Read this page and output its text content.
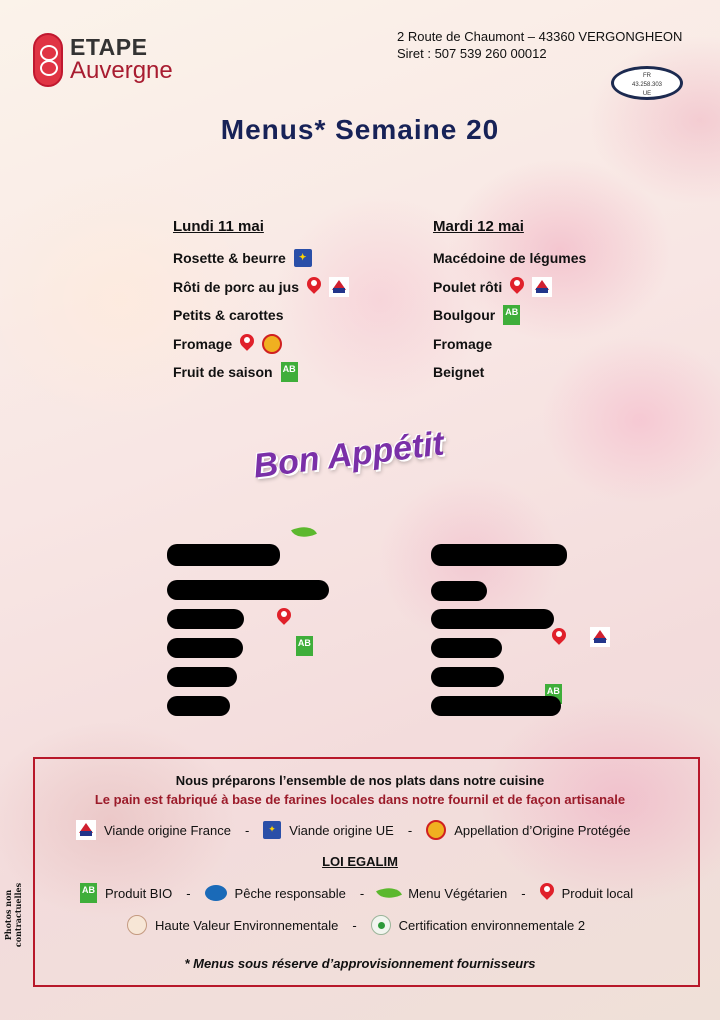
ETAPE
Auvergne
2 Route de Chaumont – 43360 VERGONGHEON
Siret : 507 539 260 00012
FR
43.258.303
UE
Menus* Semaine 20
Lundi 11 mai
Rosette & beurre
✦
Rôti de porc au jus
Petits & carottes
Fromage
Fruit de saison AB
Mardi 12 mai
Macédoine de légumes
Poulet rôti
Boulgour AB
Fromage
Beignet
Bon Appétit

AB

AB
Nous préparons l’ensemble de nos plats dans notre cuisine
Le pain est fabriqué à base de farines locales dans notre fournil et de façon artisanale
Viande origine France - ✦	Viande origine UE -	Appellation d’Origine Protégée
LOI EGALIM
AB Produit BIO -	Pêche responsable -	Menu Végétarien -	Produit local
Haute Valeur Environnementale -	Certification environnementale 2
* Menus sous réserve d’approvisionnement fournisseurs
Photos non contractuelles
